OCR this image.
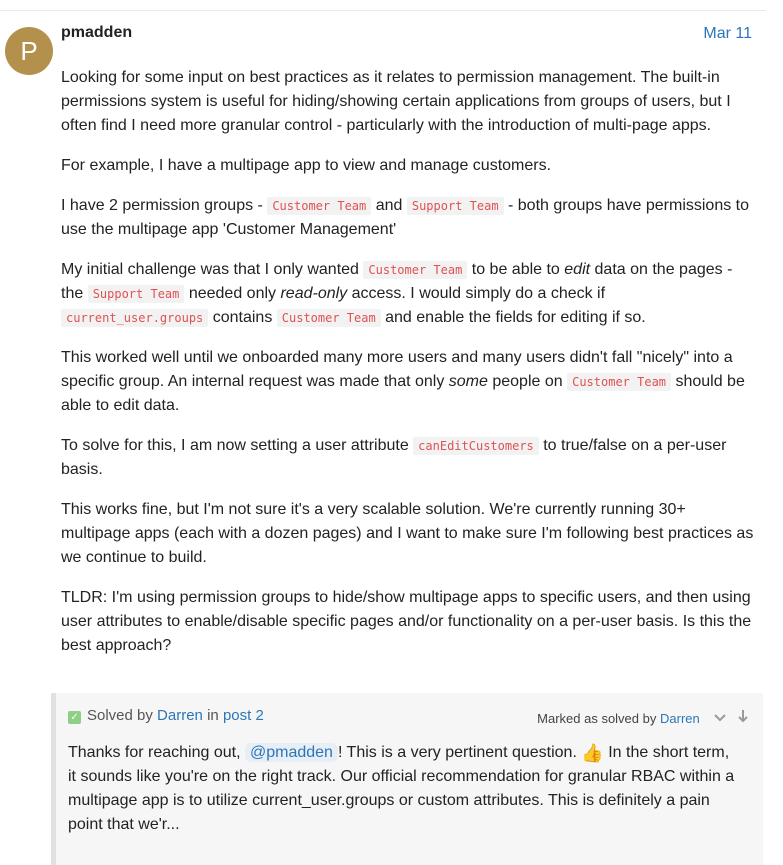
P
pmadden	Mar 11

Looking for some input on best practices as it relates to permission management. The built-in permissions system is useful for hiding/showing certain applications from groups of users, but I often find I need more granular control - particularly with the introduction of multi-page apps.

For example, I have a multipage app to view and manage customers.

I have 2 permission groups - Customer Team and Support Team - both groups have permissions to use the multipage app 'Customer Management'

My initial challenge was that I only wanted Customer Team to be able to edit data on the pages - the Support Team needed only read-only access. I would simply do a check if current_user.groups contains Customer Team and enable the fields for editing if so.

This worked well until we onboarded many more users and many users didn't fall "nicely" into a specific group. An internal request was made that only some people on Customer Team should be able to edit data.

To solve for this, I am now setting a user attribute canEditCustomers to true/false on a per-user basis.

This works fine, but I'm not sure it's a very scalable solution. We're currently running 30+ multipage apps (each with a dozen pages) and I want to make sure I'm following best practices as we continue to build.

TLDR: I'm using permission groups to hide/show multipage apps to specific users, and then using user attributes to enable/disable specific pages and/or functionality on a per-user basis. Is this the best approach?

✓ Solved by Darren in post 2	Marked as solved by Darren
Thanks for reaching out, @pmadden ! This is a very pertinent question. 👍 In the short term, it sounds like you're on the right track. Our official recommendation for granular RBAC within a multipage app is to utilize current_user.groups or custom attributes. This is definitely a pain point that we'r...
